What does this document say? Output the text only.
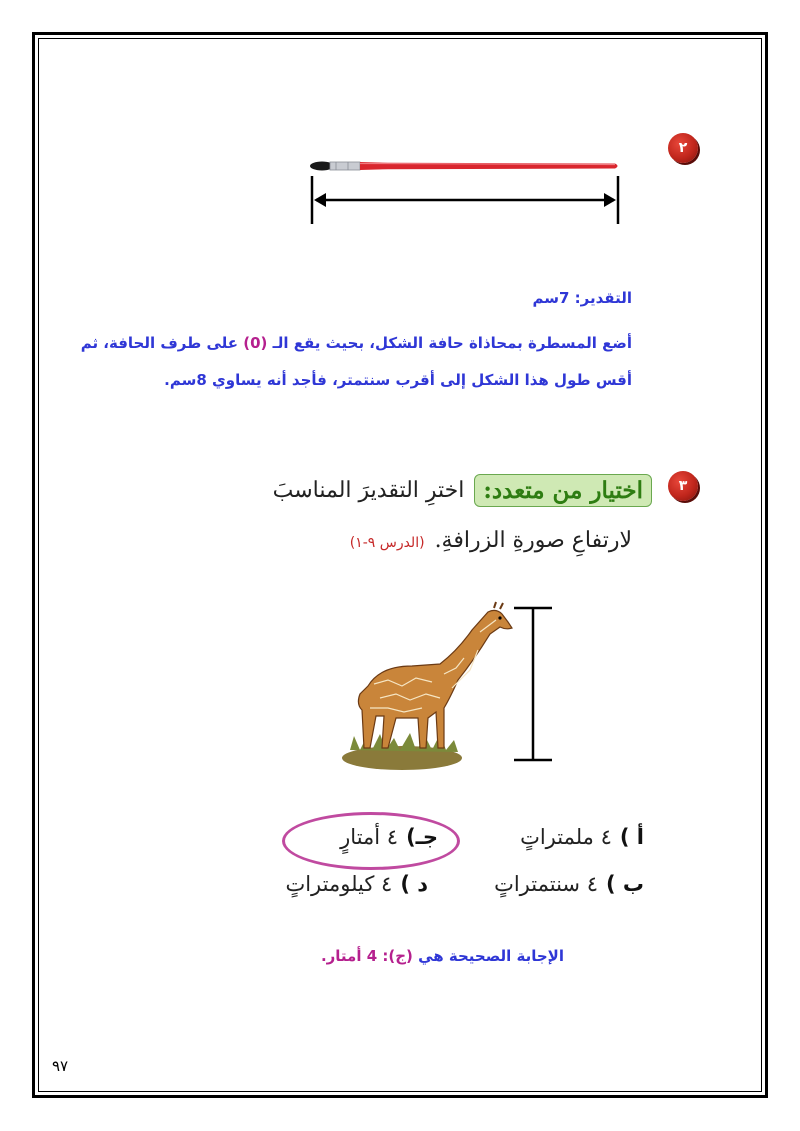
٢
التقدير: 7سم
أضع المسطرة بمحاذاة حافة الشكل، بحيث يقع الـ (0) على طرف الحافة، ثم
أقس طول هذا الشكل إلى أقرب سنتمتر، فأجد أنه يساوي 8سم.
٣
اختيار من متعدد:
اخترِ التقديرَ المناسبَ
لارتفاعِ صورةِ الزرافةِ.
(الدرس ٩-١)
أ )
٤ ملمتراتٍ
جـ)
٤ أمتارٍ
ب )
٤ سنتمتراتٍ
د )
٤ كيلومتراتٍ
الإجابة الصحيحة هي (ج): 4 أمتار.
٩٧
